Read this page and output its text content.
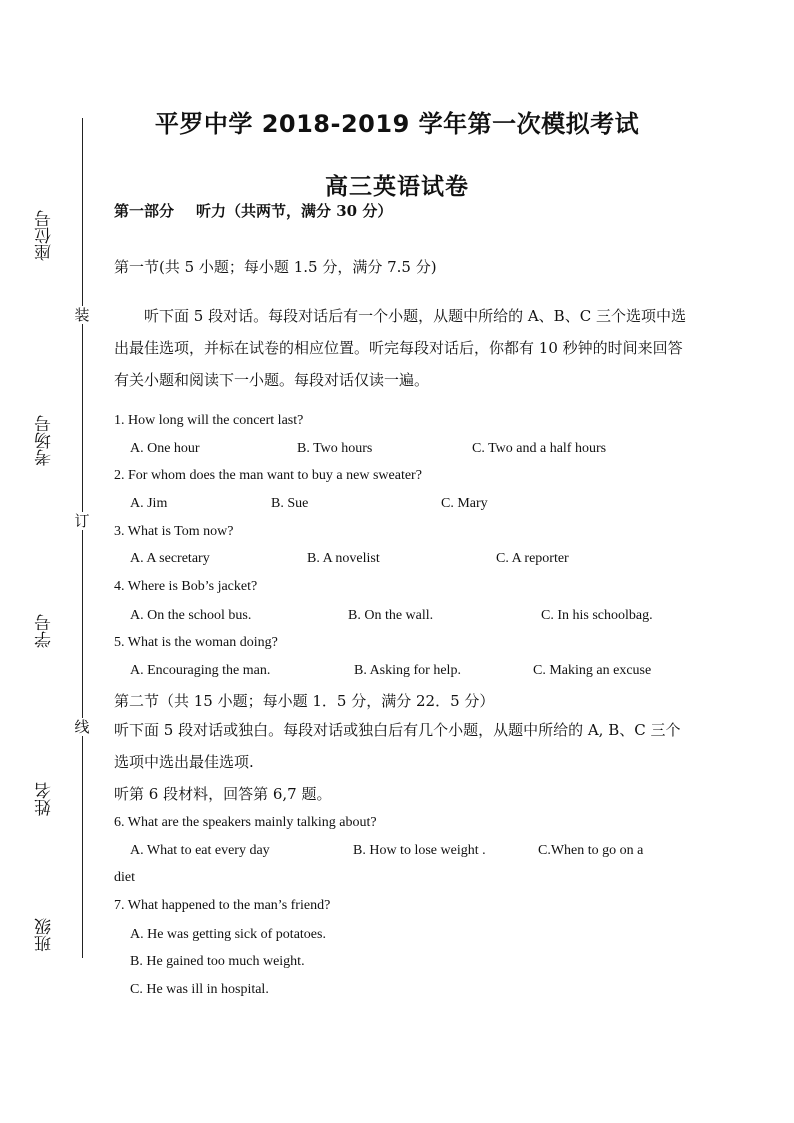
装
订
线
座位号
考场号
学号
姓名
班级
平罗中学 2018-2019 学年第一次模拟考试
高三英语试卷
第一部分 听力（共两节，满分 30 分）
第一节(共 5 小题；每小题 1.5 分，满分 7.5 分)
听下面 5 段对话。每段对话后有一个小题，从题中所给的 A、B、C 三个选项中选出最佳选项，并标在试卷的相应位置。听完每段对话后，你都有 10 秒钟的时间来回答有关小题和阅读下一小题。每段对话仅读一遍。
1. How long will the concert last?
A. One hour	B. Two hours	C. Two and a half hours
2. For whom does the man want to buy a new sweater?
A. Jim	B. Sue	C. Mary
3. What is Tom now?
A. A secretary	B. A novelist	C. A reporter
4. Where is Bob’s jacket?
A. On the school bus.	B. On the wall.	C. In his schoolbag.
5. What is the woman doing?
A. Encouraging the man.	B. Asking for help.	C. Making an excuse
第二节（共 15 小题；每小题 1．5 分，满分 22．5 分）
听下面 5 段对话或独白。每段对话或独白后有几个小题，从题中所给的 A, B、C 三个选项中选出最佳选项.
听第 6 段材料，回答第 6,7 题。
6. What are the speakers mainly talking about?
A. What to eat every day	B. How to lose weight .	C.When to go on a
diet
7. What happened to the man’s friend?
A. He was getting sick of potatoes.
B. He gained too much weight.
C. He was ill in hospital.
